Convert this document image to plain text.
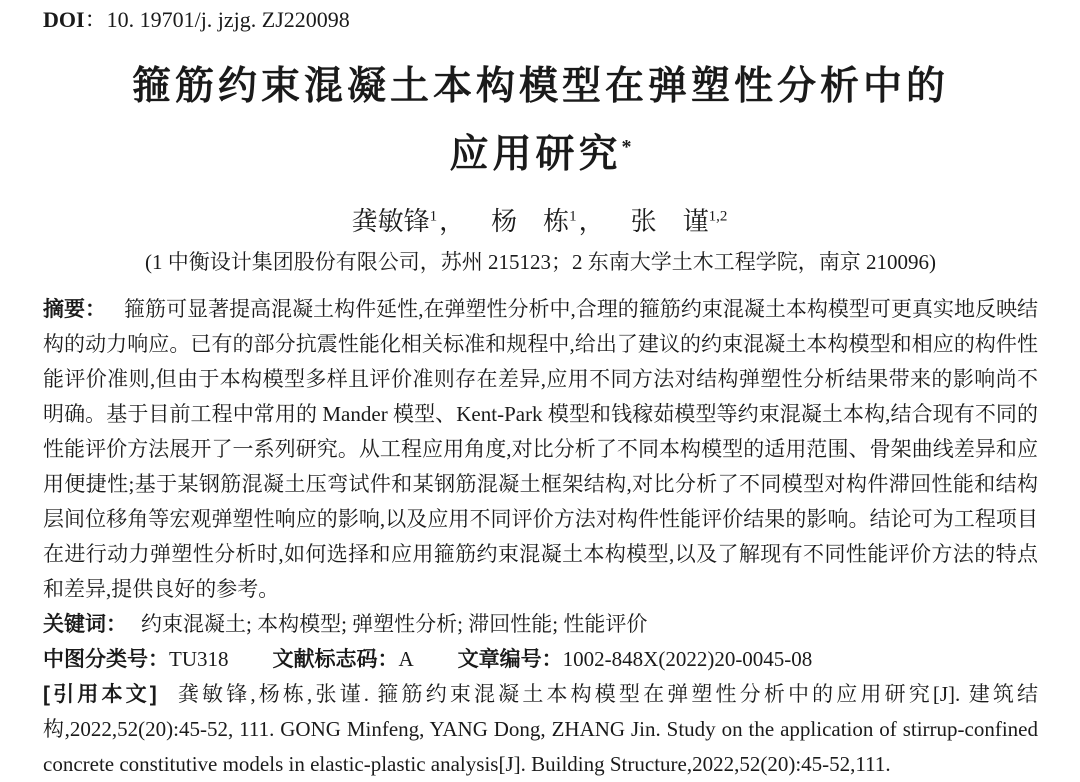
DOI：10. 19701/j. jzjg. ZJ220098
箍筋约束混凝土本构模型在弹塑性分析中的
应用研究*
龚敏锋$^1$， 杨　栋$^1$， 张　谨$^{1,2}$
(1 中衡设计集团股份有限公司，苏州 215123；2 东南大学土木工程学院，南京 210096)

摘要： 箍筋可显著提高混凝土构件延性,在弹塑性分析中,合理的箍筋约束混凝土本构模型可更真实地反映结构的动力响应。已有的部分抗震性能化相关标准和规程中,给出了建议的约束混凝土本构模型和相应的构件性能评价准则,但由于本构模型多样且评价准则存在差异,应用不同方法对结构弹塑性分析结果带来的影响尚不明确。基于目前工程中常用的 Mander 模型、Kent-Park 模型和钱稼茹模型等约束混凝土本构,结合现有不同的性能评价方法展开了一系列研究。从工程应用角度,对比分析了不同本构模型的适用范围、骨架曲线差异和应用便捷性;基于某钢筋混凝土压弯试件和某钢筋混凝土框架结构,对比分析了不同模型对构件滞回性能和结构层间位移角等宏观弹塑性响应的影响,以及应用不同评价方法对构件性能评价结果的影响。结论可为工程项目在进行动力弹塑性分析时,如何选择和应用箍筋约束混凝土本构模型,以及了解现有不同性能评价方法的特点和差异,提供良好的参考。

关键词： 约束混凝土; 本构模型; 弹塑性分析; 滞回性能; 性能评价

中图分类号：TU318 文献标志码：A 文章编号：1002-848X(2022)20-0045-08

[引用本文] 龚敏锋,杨栋,张谨. 箍筋约束混凝土本构模型在弹塑性分析中的应用研究[J]. 建筑结构,2022,52(20):45-52, 111. GONG Minfeng, YANG Dong, ZHANG Jin. Study on the application of stirrup-confined concrete constitutive models in elastic-plastic analysis[J]. Building Structure,2022,52(20):45-52,111.
